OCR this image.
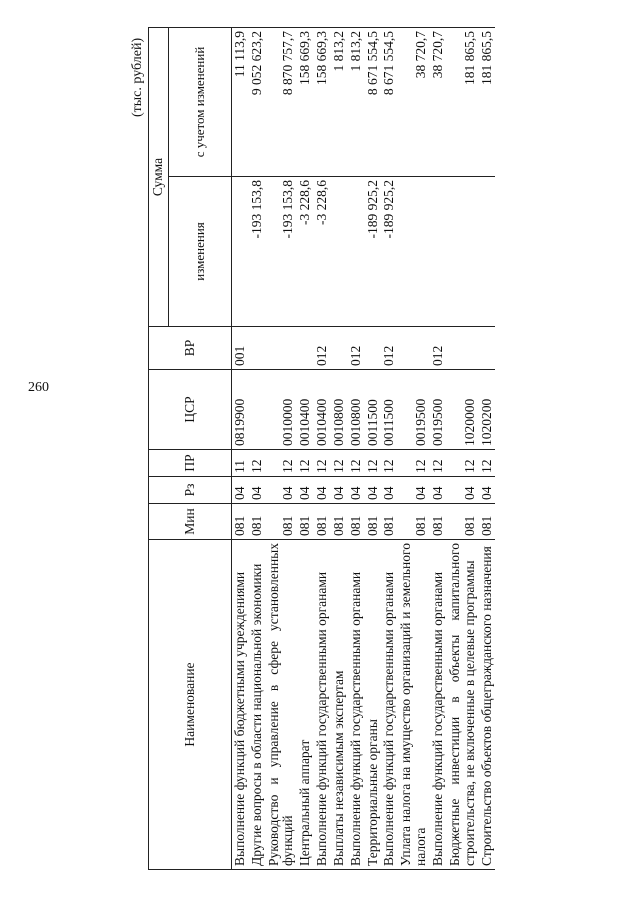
260
(тыс. рублей)
Наименование	Мин	Рз	ПР	ЦСР	ВР	Сумма	
						изменения	с учетом изменений
Выполнение функций бюджетными учреждениями	081	04	11	0819900	001		11 113,9
Другие вопросы в области национальной экономики	081	04	12			-193 153,8	9 052 623,2
Руководство и управление в сфере установленных функций	081	04	12	0010000		-193 153,8	8 870 757,7
Центральный аппарат	081	04	12	0010400		-3 228,6	158 669,3
Выполнение функций государственными органами	081	04	12	0010400	012	-3 228,6	158 669,3
Выплаты независимым экспертам	081	04	12	0010800			1 813,2
Выполнение функций государственными органами	081	04	12	0010800	012		1 813,2
Территориальные органы	081	04	12	0011500		-189 925,2	8 671 554,5
Выполнение функций государственными органами	081	04	12	0011500	012	-189 925,2	8 671 554,5
Уплата налога на имущество организаций и земельного налога	081	04	12	0019500			38 720,7
Выполнение функций государственными органами	081	04	12	0019500	012		38 720,7
Бюджетные инвестиции в объекты капитального строительства, не включенные в целевые программы	081	04	12	1020000			181 865,5
Строительство объектов общегражданского назначения	081	04	12	1020200			181 865,5
